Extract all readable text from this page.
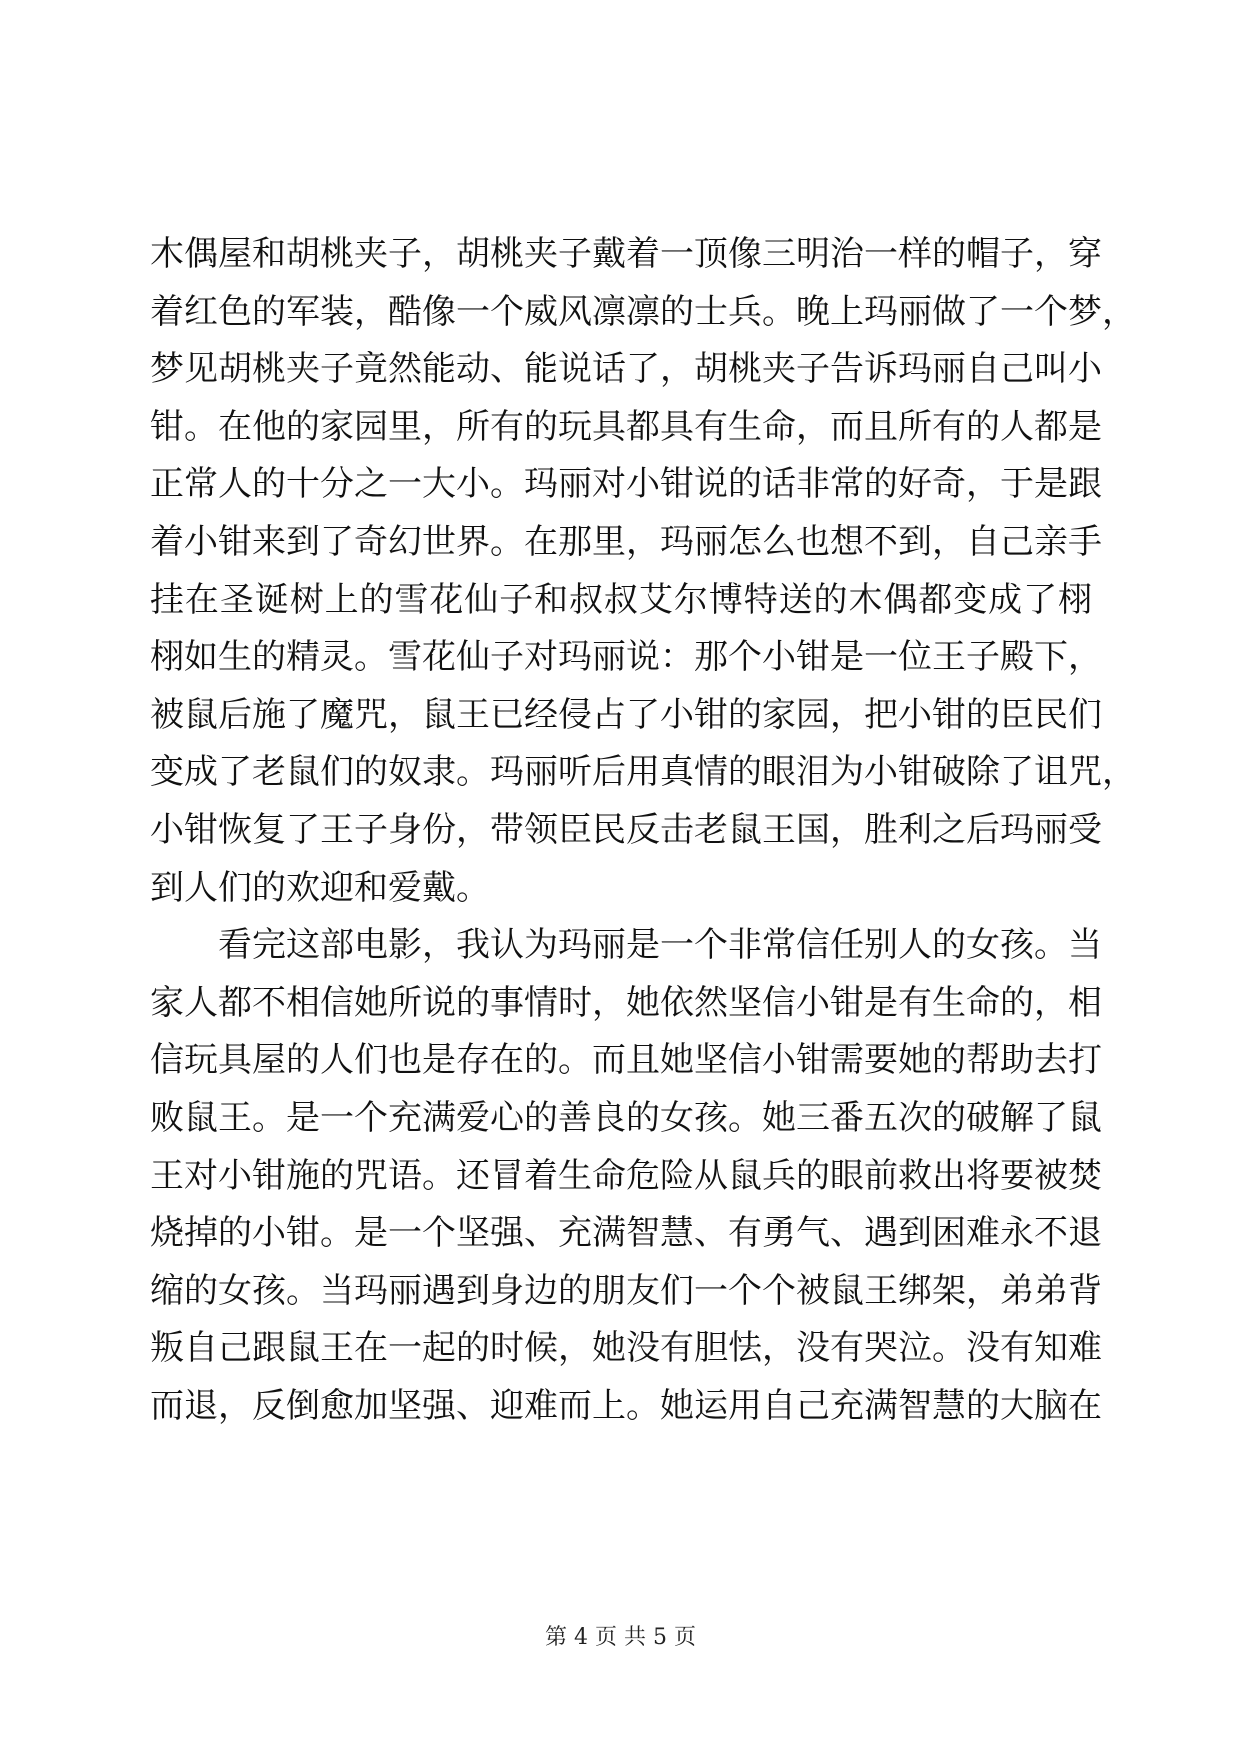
木偶屋和胡桃夹子，胡桃夹子戴着一顶像三明治一样的帽子，穿
着红色的军装，酷像一个威风凛凛的士兵。晚上玛丽做了一个梦，
梦见胡桃夹子竟然能动、能说话了，胡桃夹子告诉玛丽自己叫小
钳。在他的家园里，所有的玩具都具有生命，而且所有的人都是
正常人的十分之一大小。玛丽对小钳说的话非常的好奇，于是跟
着小钳来到了奇幻世界。在那里，玛丽怎么也想不到，自己亲手
挂在圣诞树上的雪花仙子和叔叔艾尔博特送的木偶都变成了栩
栩如生的精灵。雪花仙子对玛丽说：那个小钳是一位王子殿下，
被鼠后施了魔咒，鼠王已经侵占了小钳的家园，把小钳的臣民们
变成了老鼠们的奴隶。玛丽听后用真情的眼泪为小钳破除了诅咒，
小钳恢复了王子身份，带领臣民反击老鼠王国，胜利之后玛丽受
到人们的欢迎和爱戴。
　　看完这部电影，我认为玛丽是一个非常信任别人的女孩。当
家人都不相信她所说的事情时，她依然坚信小钳是有生命的，相
信玩具屋的人们也是存在的。而且她坚信小钳需要她的帮助去打
败鼠王。是一个充满爱心的善良的女孩。她三番五次的破解了鼠
王对小钳施的咒语。还冒着生命危险从鼠兵的眼前救出将要被焚
烧掉的小钳。是一个坚强、充满智慧、有勇气、遇到困难永不退
缩的女孩。当玛丽遇到身边的朋友们一个个被鼠王绑架，弟弟背
叛自己跟鼠王在一起的时候，她没有胆怯，没有哭泣。没有知难
而退，反倒愈加坚强、迎难而上。她运用自己充满智慧的大脑在
第 4 页 共 5 页
